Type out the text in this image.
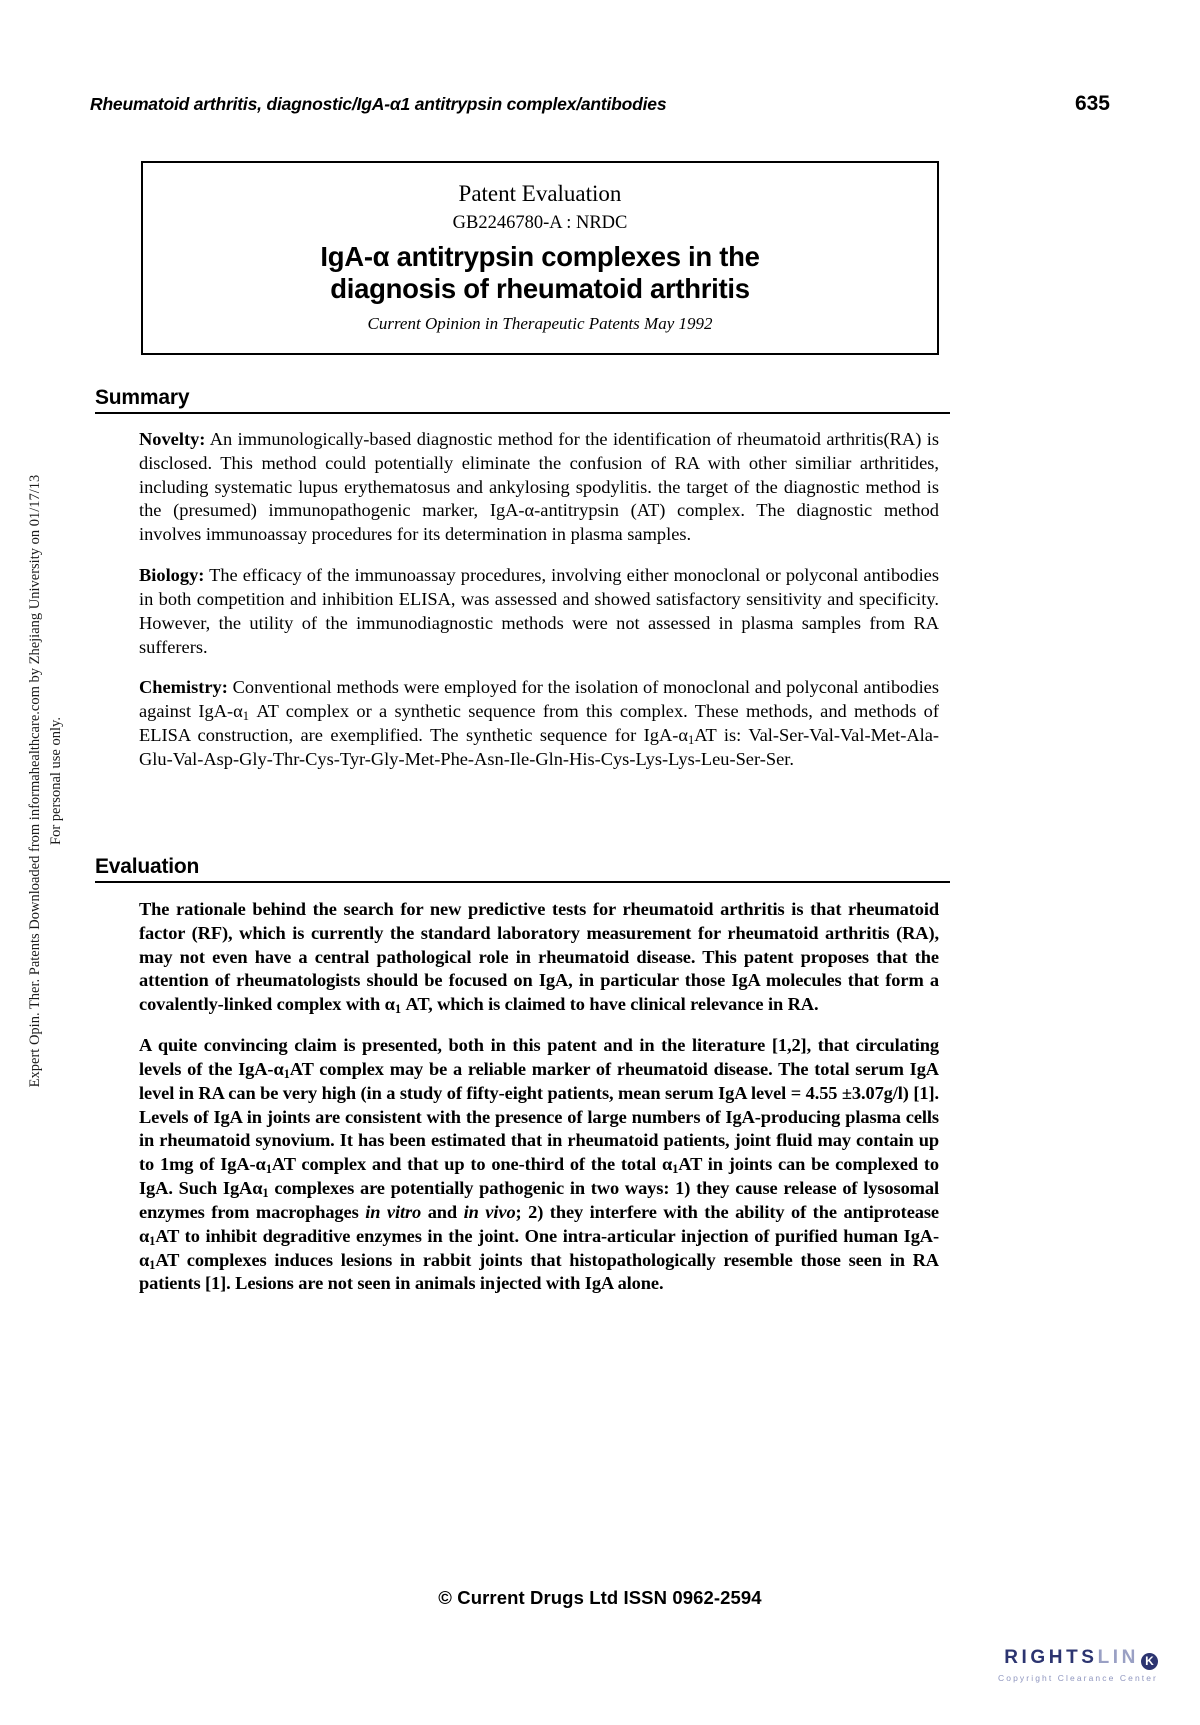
Rheumatoid arthritis, diagnostic/IgA-α1 antitrypsin complex/antibodies	635
Expert Opin. Ther. Patents Downloaded from informahealthcare.com by Zhejiang University on 01/17/13 For personal use only.
Patent Evaluation
GB2246780-A : NRDC
IgA-α antitrypsin complexes in the
diagnosis of rheumatoid arthritis
Current Opinion in Therapeutic Patents May 1992
Summary

Novelty: An immunologically-based diagnostic method for the identification of rheumatoid arthritis(RA) is disclosed. This method could potentially eliminate the confusion of RA with other similiar arthritides, including systematic lupus erythematosus and ankylosing spodylitis. the target of the diagnostic method is the (presumed) immunopathogenic marker, IgA-α-antitrypsin (AT) complex. The diagnostic method involves immunoassay procedures for its determination in plasma samples.

Biology: The efficacy of the immunoassay procedures, involving either monoclonal or polyconal antibodies in both competition and inhibition ELISA, was assessed and showed satisfactory sensitivity and specificity. However, the utility of the immunodiagnostic methods were not assessed in plasma samples from RA sufferers.

Chemistry: Conventional methods were employed for the isolation of monoclonal and polyconal antibodies against IgA-$\alpha_1$ AT complex or a synthetic sequence from this complex. These methods, and methods of ELISA construction, are exemplified. The synthetic sequence for IgA-$\alpha_1AT$ is: Val-Ser-Val-Val-Met-Ala-Glu-Val-Asp-Gly-Thr-Cys-Tyr-Gly-Met-Phe-Asn-Ile-Gln-His-Cys-Lys-Lys-Leu-Ser-Ser.

Evaluation

The rationale behind the search for new predictive tests for rheumatoid arthritis is that rheumatoid factor (RF), which is currently the standard laboratory measurement for rheumatoid arthritis (RA), may not even have a central pathological role in rheumatoid disease. This patent proposes that the attention of rheumatologists should be focused on IgA, in particular those IgA molecules that form a covalently-linked complex with $\alpha_1$ AT, which is claimed to have clinical relevance in RA.

A quite convincing claim is presented, both in this patent and in the literature [1,2], that circulating levels of the IgA-$\alpha_1AT$ complex may be a reliable marker of rheumatoid disease. The total serum IgA level in RA can be very high (in a study of fifty-eight patients, mean serum IgA level = 4.55 ±3.07g/l) [1]. Levels of IgA in joints are consistent with the presence of large numbers of IgA-producing plasma cells in rheumatoid synovium. It has been estimated that in rheumatoid patients, joint fluid may contain up to 1mg of IgA-$\alpha_1AT$ complex and that up to one-third of the total $\alpha_1AT$ in joints can be complexed to IgA. Such IgAα$_1$ complexes are potentially pathogenic in two ways: 1) they cause release of lysosomal enzymes from macrophages in vitro and in vivo; 2) they interfere with the ability of the antiprotease $\alpha_1AT$ to inhibit degraditive enzymes in the joint. One intra-articular injection of purified human IgA-$\alpha_1AT$ complexes induces lesions in rabbit joints that histopathologically resemble those seen in RA patients [1]. Lesions are not seen in animals injected with IgA alone.

© Current Drugs Ltd ISSN 0962-2594
RIGHTSLIN K
Copyright Clearance Center
